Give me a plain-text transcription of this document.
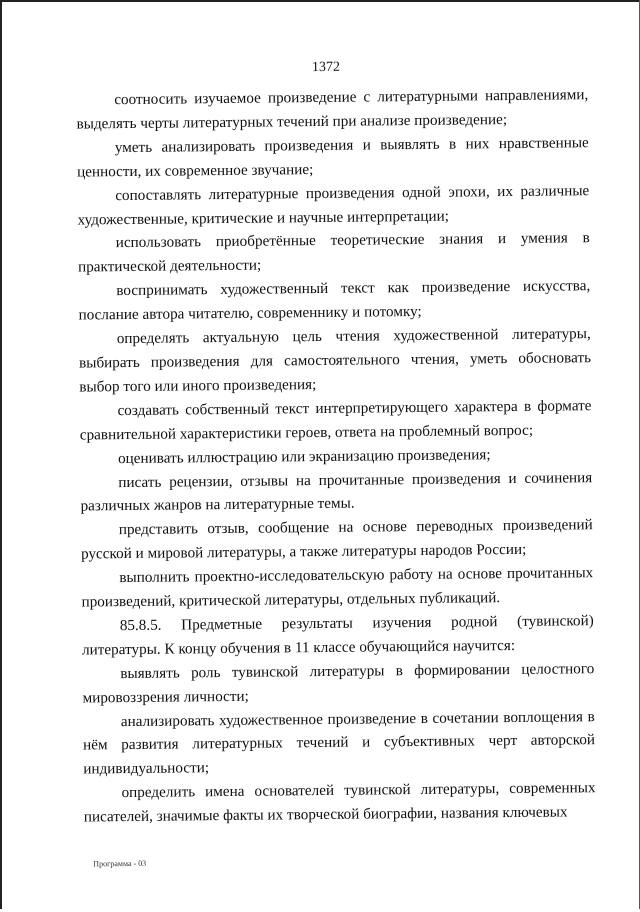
1372

соотносить изучаемое произведение с литературными направлениями, выделять черты литературных течений при анализе произведение;

уметь анализировать произведения и выявлять в них нравственные ценности, их современное звучание;

сопоставлять литературные произведения одной эпохи, их различные художественные, критические и научные интерпретации;

использовать приобретённые теоретические знания и умения в практической деятельности;

воспринимать художественный текст как произведение искусства, послание автора читателю, современнику и потомку;

определять актуальную цель чтения художественной литературы, выбирать произведения для самостоятельного чтения, уметь обосновать выбор того или иного произведения;

создавать собственный текст интерпретирующего характера в формате сравнительной характеристики героев, ответа на проблемный вопрос;

оценивать иллюстрацию или экранизацию произведения;

писать рецензии, отзывы на прочитанные произведения и сочинения различных жанров на литературные темы.

представить отзыв, сообщение на основе переводных произведений русской и мировой литературы, а также литературы народов России;

выполнить проектно-исследовательскую работу на основе прочитанных произведений, критической литературы, отдельных публикаций.

85.8.5. Предметные результаты изучения родной (тувинской) литературы. К концу обучения в 11 классе обучающийся научится:

выявлять роль тувинской литературы в формировании целостного мировоззрения личности;

анализировать художественное произведение в сочетании воплощения в нём развития литературных течений и субъективных черт авторской индивидуальности;

определить имена основателей тувинской литературы, современных писателей, значимые факты их творческой биографии, названия ключевых

Программа - 03
